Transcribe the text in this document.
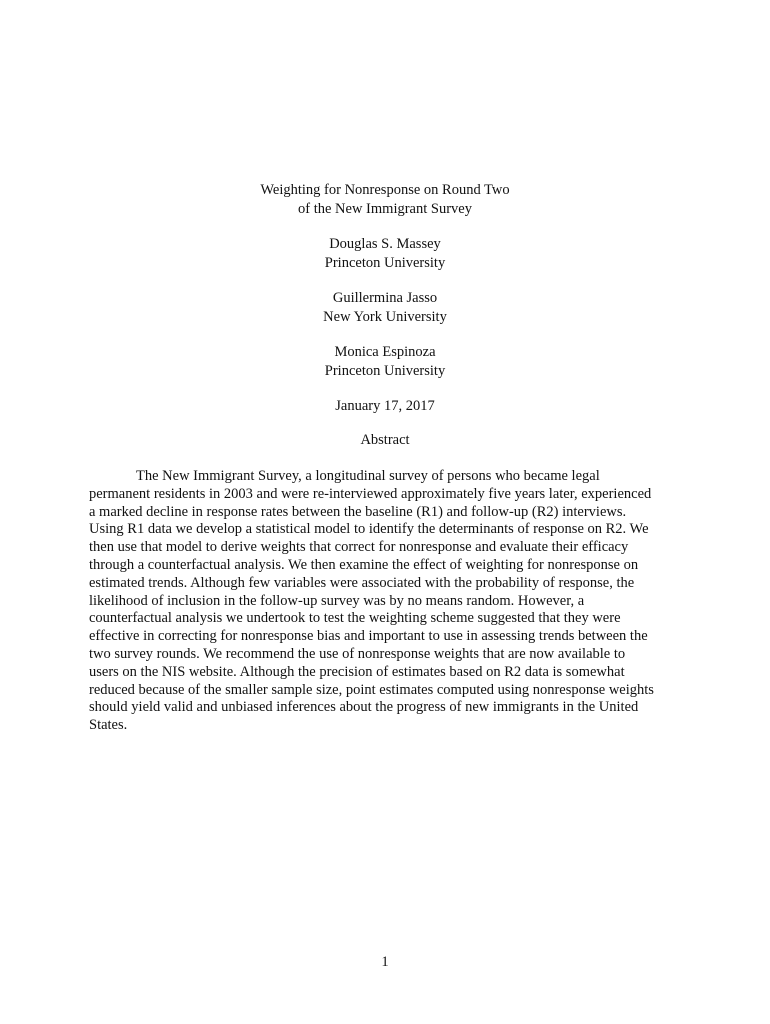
Weighting for Nonresponse on Round Two
of the New Immigrant Survey
Douglas S. Massey
Princeton University
Guillermina Jasso
New York University
Monica Espinoza
Princeton University
January 17, 2017
Abstract
The New Immigrant Survey, a longitudinal survey of persons who became legal
permanent residents in 2003 and were re-interviewed approximately five years later, experienced
a marked decline in response rates between the baseline (R1) and follow-up (R2) interviews.
Using R1 data we develop a statistical model to identify the determinants of response on R2. We
then use that model to derive weights that correct for nonresponse and evaluate their efficacy
through a counterfactual analysis. We then examine the effect of weighting for nonresponse on
estimated trends. Although few variables were associated with the probability of response, the
likelihood of inclusion in the follow-up survey was by no means random. However, a
counterfactual analysis we undertook to test the weighting scheme suggested that they were
effective in correcting for nonresponse bias and important to use in assessing trends between the
two survey rounds. We recommend the use of nonresponse weights that are now available to
users on the NIS website. Although the precision of estimates based on R2 data is somewhat
reduced because of the smaller sample size, point estimates computed using nonresponse weights
should yield valid and unbiased inferences about the progress of new immigrants in the United
States.
1
